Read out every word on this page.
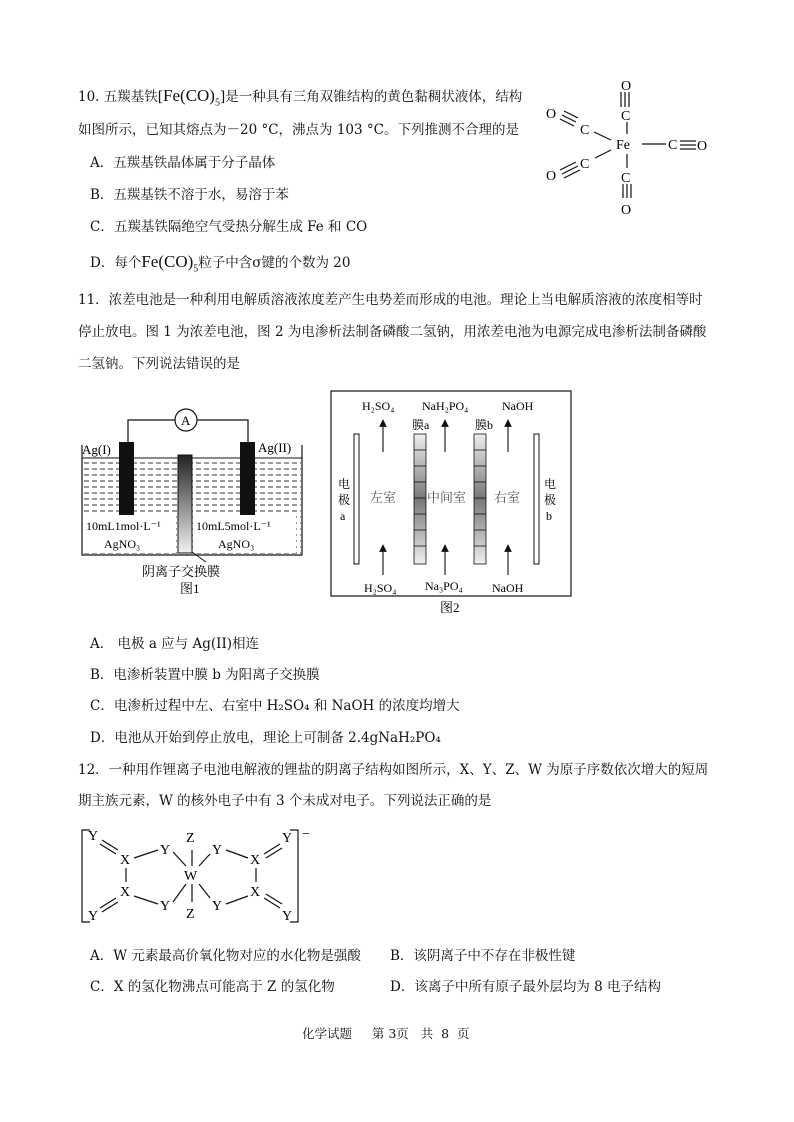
10. 五羰基铁$[Fe(CO)_5]$是一种具有三角双锥结构的黄色黏稠状液体，结构
如图所示，已知其熔点为－20 °C，沸点为 103 °C。下列推测不合理的是
A．五羰基铁晶体属于分子晶体
B．五羰基铁不溶于水，易溶于苯
C．五羰基铁隔绝空气受热分解生成 Fe 和 CO
D．每个$Fe(CO)_5$粒子中含σ键的个数为 20
O
C
Fe	C O
C
O
C
O	C
O
11．浓差电池是一种利用电解质溶液浓度差产生电势差而形成的电池。理论上当电解质溶液的浓度相等时
停止放电。图 1 为浓差电池，图 2 为电渗析法制备磷酸二氢钠，用浓差电池为电源完成电渗析法制备磷酸
二氢钠。下列说法错误的是
A
Ag(I)	Ag(II)
10mL1mol·L⁻¹
AgNO₃
10mL5mol·L⁻¹
AgNO₃
阴离子交换膜
图1
H₂SO₄ NaH₂PO₄	NaOH
膜a	膜b
电
极
a
电
极
b
左室 中间室 右室
H₂SO₄ Na₃PO₄ NaOH
图2
A． 电极 a 应与 Ag(II)相连
B．电渗析装置中膜 b 为阳离子交换膜
C．电渗析过程中左、右室中 H₂SO₄ 和 NaOH 的浓度均增大
D．电池从开始到停止放电，理论上可制备 2.4gNaH₂PO₄
12．一种用作锂离子电池电解液的锂盐的阴离子结构如图所示，X、Y、Z、W 为原子序数依次增大的短周
期主族元素，W 的核外电子中有 3 个未成对电子。下列说法正确的是
Y
X
X
Y
Y
Y
Z
W
Z
Y
Y
X
X
Y
Y
−
A．W 元素最高价氧化物对应的水化物是强酸 B．该阴离子中不存在非极性键
C．X 的氢化物沸点可能高于 Z 的氢化物	D．该离子中所有原子最外层均为 8 电子结构
化学试题     第 3页   共  8  页
